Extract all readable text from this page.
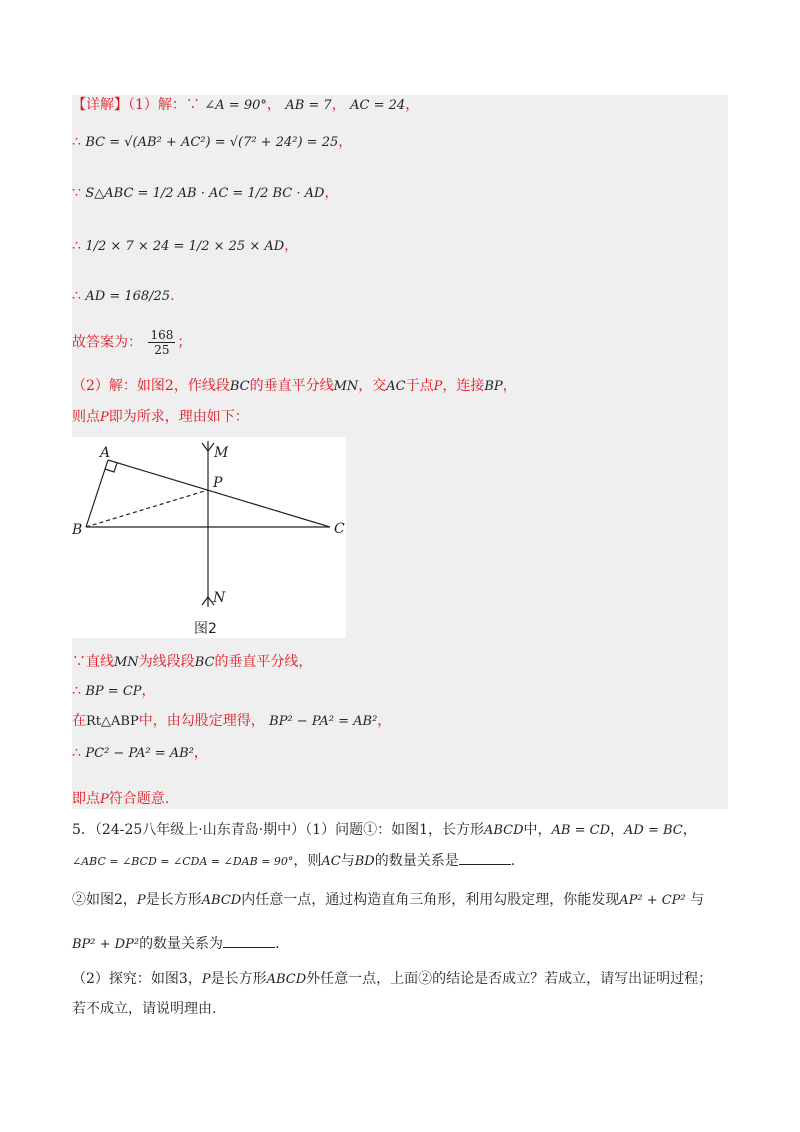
【详解】（1）解：∵ ∠A = 90°， AB = 7， AC = 24，
∴ BC = √(AB² + AC²) = √(7² + 24²) = 25，
∵ S△ABC = 1/2 AB · AC = 1/2 BC · AD，
∴ 1/2 × 7 × 24 = 1/2 × 25 × AD，
∴ AD = 168/25.
故答案为： $\frac{168}{25}$ ；
（2）解：如图2，作线段BC的垂直平分线MN，交AC于点P，连接BP，
则点P即为所求，理由如下：
A
B	C
P
M
N
图2
∵直线MN为线段段BC的垂直平分线，
∴ BP = CP，
在Rt△ABP中，由勾股定理得， BP² − PA² = AB²，
∴ PC² − PA² = AB²，
即点P符合题意.
5．（24-25八年级上·山东青岛·期中）（1）问题①：如图1，长方形ABCD中，AB = CD，AD = BC，
∠ABC = ∠BCD = ∠CDA = ∠DAB = 90°，则AC与BD的数量关系是	.
②如图2，P是长方形ABCD内任意一点，通过构造直角三角形，利用勾股定理，你能发现AP² + CP² 与
BP² + DP²的数量关系为	.
（2）探究：如图3，P是长方形ABCD外任意一点，上面②的结论是否成立？若成立，请写出证明过程；
若不成立，请说明理由.
